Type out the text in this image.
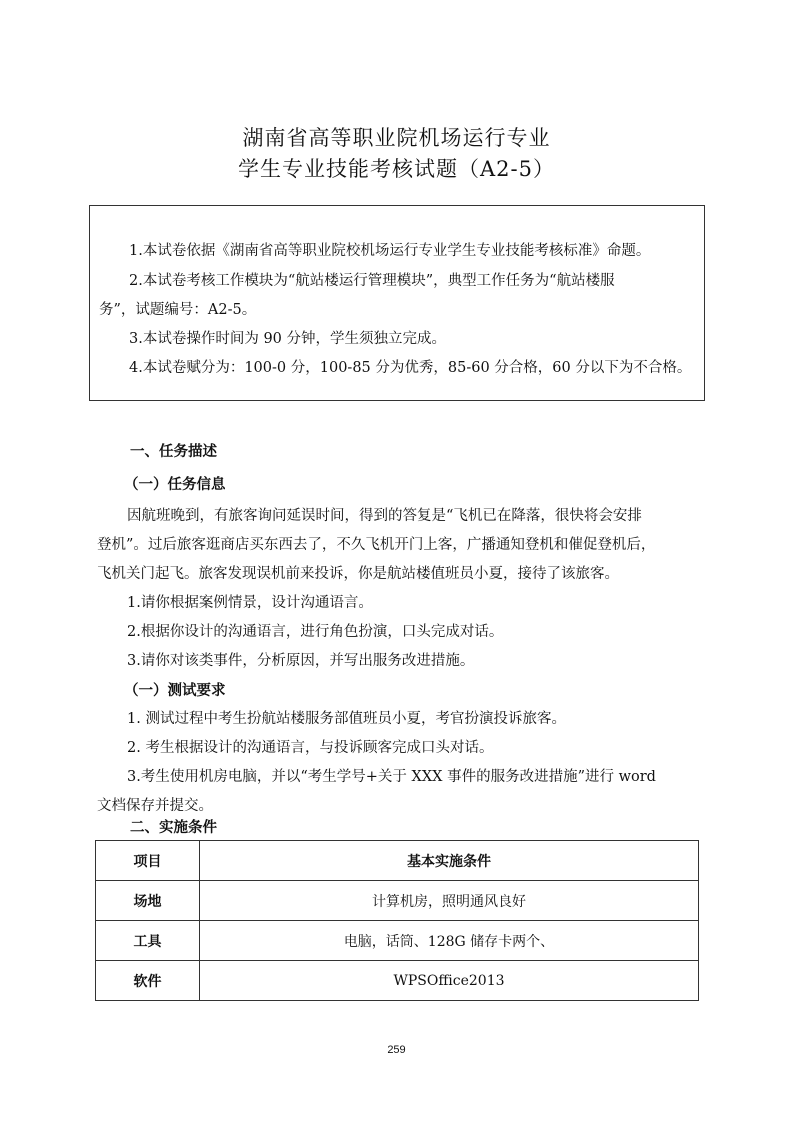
湖南省高等职业院机场运行专业
学生专业技能考核试题（A2-5）

1.本试卷依据《湖南省高等职业院校机场运行专业学生专业技能考核标准》命题。

2.本试卷考核工作模块为“航站楼运行管理模块”，典型工作任务为“航站楼服

务”，试题编号：A2-5。

3.本试卷操作时间为 90 分钟，学生须独立完成。

4.本试卷赋分为：100-0 分，100-85 分为优秀，85-60 分合格，60 分以下为不合格。

一、任务描述

（一）任务信息

因航班晚到，有旅客询问延误时间，得到的答复是“飞机已在降落，很快将会安排

登机”。过后旅客逛商店买东西去了，不久飞机开门上客，广播通知登机和催促登机后，

飞机关门起飞。旅客发现误机前来投诉，你是航站楼值班员小夏，接待了该旅客。

1.请你根据案例情景，设计沟通语言。

2.根据你设计的沟通语言，进行角色扮演，口头完成对话。

3.请你对该类事件，分析原因，并写出服务改进措施。

（一）测试要求

1. 测试过程中考生扮航站楼服务部值班员小夏，考官扮演投诉旅客。

2. 考生根据设计的沟通语言，与投诉顾客完成口头对话。

3.考生使用机房电脑，并以“考生学号+关于 XXX 事件的服务改进措施”进行 word

文档保存并提交。

二、实施条件

项目	基本实施条件
场地	计算机房，照明通风良好
工具	电脑，话筒、128G 储存卡两个、
软件	WPSOffice2013
259
